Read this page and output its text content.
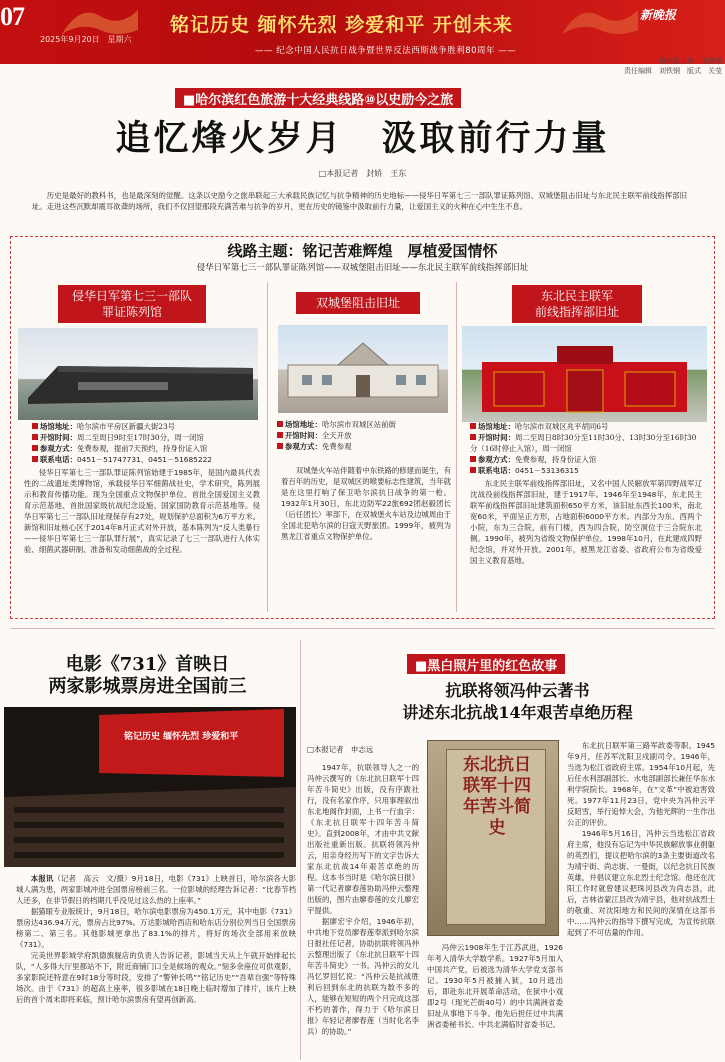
07
2025年9月20日　星期六
铭记历史 缅怀先烈 珍爱和平 开创未来
—— 纪念中国人民抗日战争暨世界反法西斯战争胜利80周年 ——
新晚报
值班副主编　王晓海
责任编辑　刘铁钢　版式　关莹
■哈尔滨红色旅游十大经典线路⑩以史励今之旅
追忆烽火岁月　汲取前行力量
□本报记者　封娇　王东
历史是最好的教科书，也是最深刻的觉醒。这条以史励今之旅串联起三大承载民族记忆与抗争精神的历史地标——侵华日军第七三一部队罪证陈列馆、双城堡阻击旧址与东北民主联军前线指挥部旧址。走进这些沉默却震耳欲聋的场所，我们不仅回望那段充满苦难与抗争的岁月，更在历史的镜鉴中汲取前行力量，让爱国主义的火种在心中生生不息。
线路主题：铭记苦难辉煌　厚植爱国情怀
侵华日军第七三一部队罪证陈列馆——双城堡阻击旧址——东北民主联军前线指挥部旧址
侵华日军第七三一部队
罪证陈列馆
场馆地址：哈尔滨市平房区新疆大街23号
开馆时间：周二至周日9时至17时30分，周一闭馆
参观方式：免费参观，提前7天预约，持身份证入馆
联系电话：0451－51747731、0451－51685222
侵华日军第七三一部队罪证陈列馆始建于1985年，是国内最具代表性的二战遗址类博物馆，承载侵华日军细菌战社史，学术研究，陈列展示和教育传播功能。现为全国重点文物保护单位、首批全国爱国主义教育示范基地、首批国家级抗战纪念设施、国家国防教育示范基地等。侵华日军第七三一部队旧址现保存有27处，规划保护总面积为6万平方米。新馆和旧址核心区于2014年8月正式对外开放，基本陈列为“反人类暴行——侵华日军第七三一部队罪行展”，真实记录了七三一部队进行人体实验、细菌武器研制、准备和发动细菌战的全过程。
双城堡阻击旧址
场馆地址：哈尔滨市双城区站前街
开馆时间：全天开放
参观方式：免费参观
双城堡火车站伴随着中东铁路的修建而诞生，有着百年的历史，是双城区的喉要标志性建筑，当年就是在这里打响了保卫哈尔滨抗日战争的第一枪。1932年1月30日，东北边防军22旅692团赵毅团长（后任团长）率部下，在双城堡火车站及边城周由于全国北犯哈尔滨的日寇天野旅团。1999年，被列为黑龙江省重点文物保护单位。
东北民主联军
前线指挥部旧址
场馆地址：哈尔滨市双城区兆平胡同6号
开馆时间：周二至周日8时30分至11时30分、13时30分至16时30分（16时停止入馆），周一闭馆
参观方式：免费参观，持身份证入馆
联系电话：0451－53136315
东北民主联军前线指挥部旧址，又名中国人民解放军第四野战军辽沈战役前线指挥部旧址，建于1917年。1946年至1948年，东北民主联军前线指挥部旧址建筑面积650平方米，该旧址东西长100米，南北宽60米，平面呈正方形，占地面积6000平方米。内部分为东、西两个小院，东为三合院，前有门楼，西为四合院，防空洞位于三合院东北侧。1990年，被列为省级文物保护单位。1998年10月，在此建成四野纪念馆，并对外开放。2001年，被黑龙江省委、省政府公布为省级爱国主义教育基地。
电影《731》首映日
两家影城票房进全国前三
铭记历史 缅怀先烈 珍爱和平
本报讯（记者　高云　文/摄）9月18日，电影《731》上映首日，哈尔滨各大影城人满为患，两家影城冲进全国票房榜前三名。一位影城的经理告诉记者：“比春节档人还多，在非节假日的档期几乎没见过这么热的上座率。”
据猫眼专业版统计，9月18日，哈尔滨电影票房为450.1万元，其中电影《731》票房达436.94万元，票房占比97%。万达影城哈西店和哈东店分别位列当日全国票房榜第二、第三名。其他影城更拿出了83.1%的排片，将好的场次全部用来放映《731》。
完美世界影城学府凯德旗舰店的负责人告诉记者，影城当天从上午就开始排起长队，“人多得大厅里都站不下，附近商铺门口全是候场的观众。”刻多余座位可供观影，多家影院还特意在9时18分等时段，安排了“警钟长鸣”“铭记历史”“吾辈自强”等特殊场次。由于《731》的超高上座率，很多影城在18日晚上临时增加了排片，该片上映后的首个周末即将来临，预计哈尔滨票房有望再创新高。
■黑白照片里的红色故事
抗联将领冯仲云著书
讲述东北抗战14年艰苦卓绝历程
□本报记者　申志远
1947年，抗联领导人之一的冯仲云撰写的《东北抗日联军十四年苦斗简史》出版，没有序跋社行，没有名家作序，只用事理叙出东北地阁作封面，上书一行血字：《东北抗日联军十四年苦斗简史》。直到2008年，才由中共文献出版社重新出版。抗联将领冯仲云，用亲身经历写下的文字告诉大家东北抗战14年艰苦卓绝的历程。这本书当时是《哈尔滨日报》第一代记者廖春莲协助冯仲云整理出版的，图片由廖春莲的女儿廖宏宇提供。
据廖宏宇介绍，1946年初，中共地下党员廖春莲奉派到哈尔滨日报社任记者，协助抗联将领冯仲云整理出版了《东北抗日联军十四年苦斗简史》一书。冯仲云的女儿冯忆罗回忆说：“冯仲云是抗战胜利后回到东北的抗联为数不多的人，能够在短短的两个月完成这部不朽的著作，得力于《哈尔滨日报》年轻记者廖春莲（当时化名李兵）的协助。”
东北抗日联军十四年苦斗简史
冯仲云1908年生于江苏武进，1926年考入清华大学数学系。1927年5月加入中国共产党，后被选为清华大学党支部书记。1930年5月被捕入狱，10月逃出后，即赴东北开展革命活动，在狱中小戏即2号（现光芒街40号）的中共满洲省委旧址从事地下斗争。他先后担任过中共满洲省委秘书长、中共北满临时省委书记、
东北抗日联军第三路军政委等职。1945年9月，任苏军沈阳卫戍副司令。1946年，当选为松江省政府主席。1954年10月起，先后任水利部副部长、水电部副部长兼任华东水利学院院长。1968年，在“文革”中被迫害致死。1977年11月23日，党中央为冯仲云平反昭雪，举行追悼大会，为他光辉的一生作出公正的评价。
1946年5月16日，冯仲云当选松江省政府主席，他没有忘记为中华民族解放事业捐躯的英烈们，提议把哈尔滨的3条主要街道改名为靖宇街、尚志街、一曼街，以纪念抗日民族英雄，并倡议建立东北烈士纪念馆。他还在沈阳工作时就曾建议把珠河县改为尚志县，此后，吉林省蒙江县改为靖宇县，他对抗战烈士的敬重、对沈阳地方和民间的深情在这部书中……冯仲云的指导下撰写完成，为宣传抗联起到了不可估量的作用。
